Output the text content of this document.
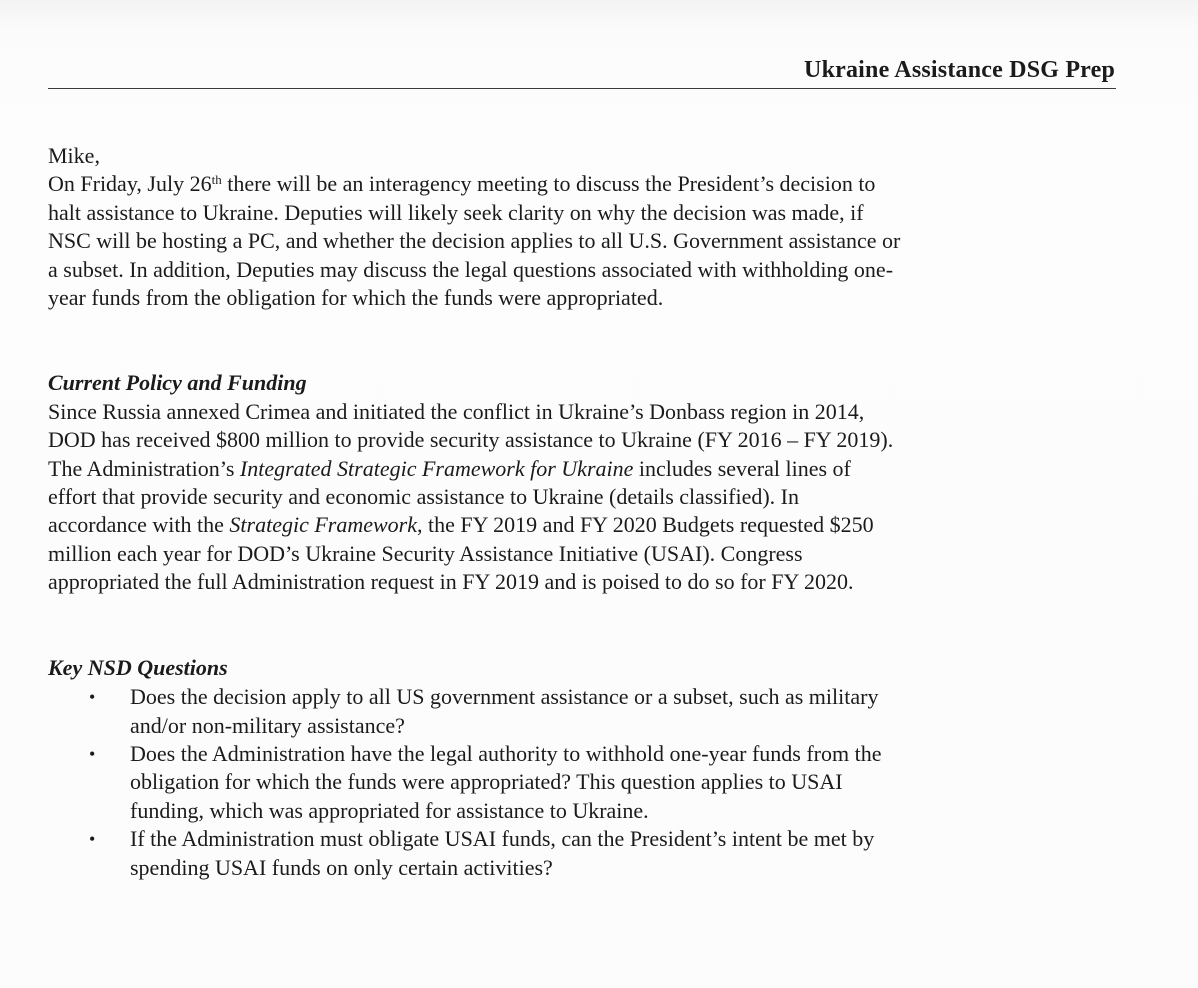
Ukraine Assistance DSG Prep
Mike,
On Friday, July 26th there will be an interagency meeting to discuss the President’s decision to
halt assistance to Ukraine. Deputies will likely seek clarity on why the decision was made, if
NSC will be hosting a PC, and whether the decision applies to all U.S. Government assistance or
a subset. In addition, Deputies may discuss the legal questions associated with withholding one-
year funds from the obligation for which the funds were appropriated.
Current Policy and Funding
Since Russia annexed Crimea and initiated the conflict in Ukraine’s Donbass region in 2014,
DOD has received $800 million to provide security assistance to Ukraine (FY 2016 – FY 2019).
The Administration’s Integrated Strategic Framework for Ukraine includes several lines of
effort that provide security and economic assistance to Ukraine (details classified). In
accordance with the Strategic Framework, the FY 2019 and FY 2020 Budgets requested $250
million each year for DOD’s Ukraine Security Assistance Initiative (USAI). Congress
appropriated the full Administration request in FY 2019 and is poised to do so for FY 2020.
Key NSD Questions
• Does the decision apply to all US government assistance or a subset, such as military
and/or non-military assistance?
• Does the Administration have the legal authority to withhold one-year funds from the
obligation for which the funds were appropriated? This question applies to USAI
funding, which was appropriated for assistance to Ukraine.
• If the Administration must obligate USAI funds, can the President’s intent be met by
spending USAI funds on only certain activities?
